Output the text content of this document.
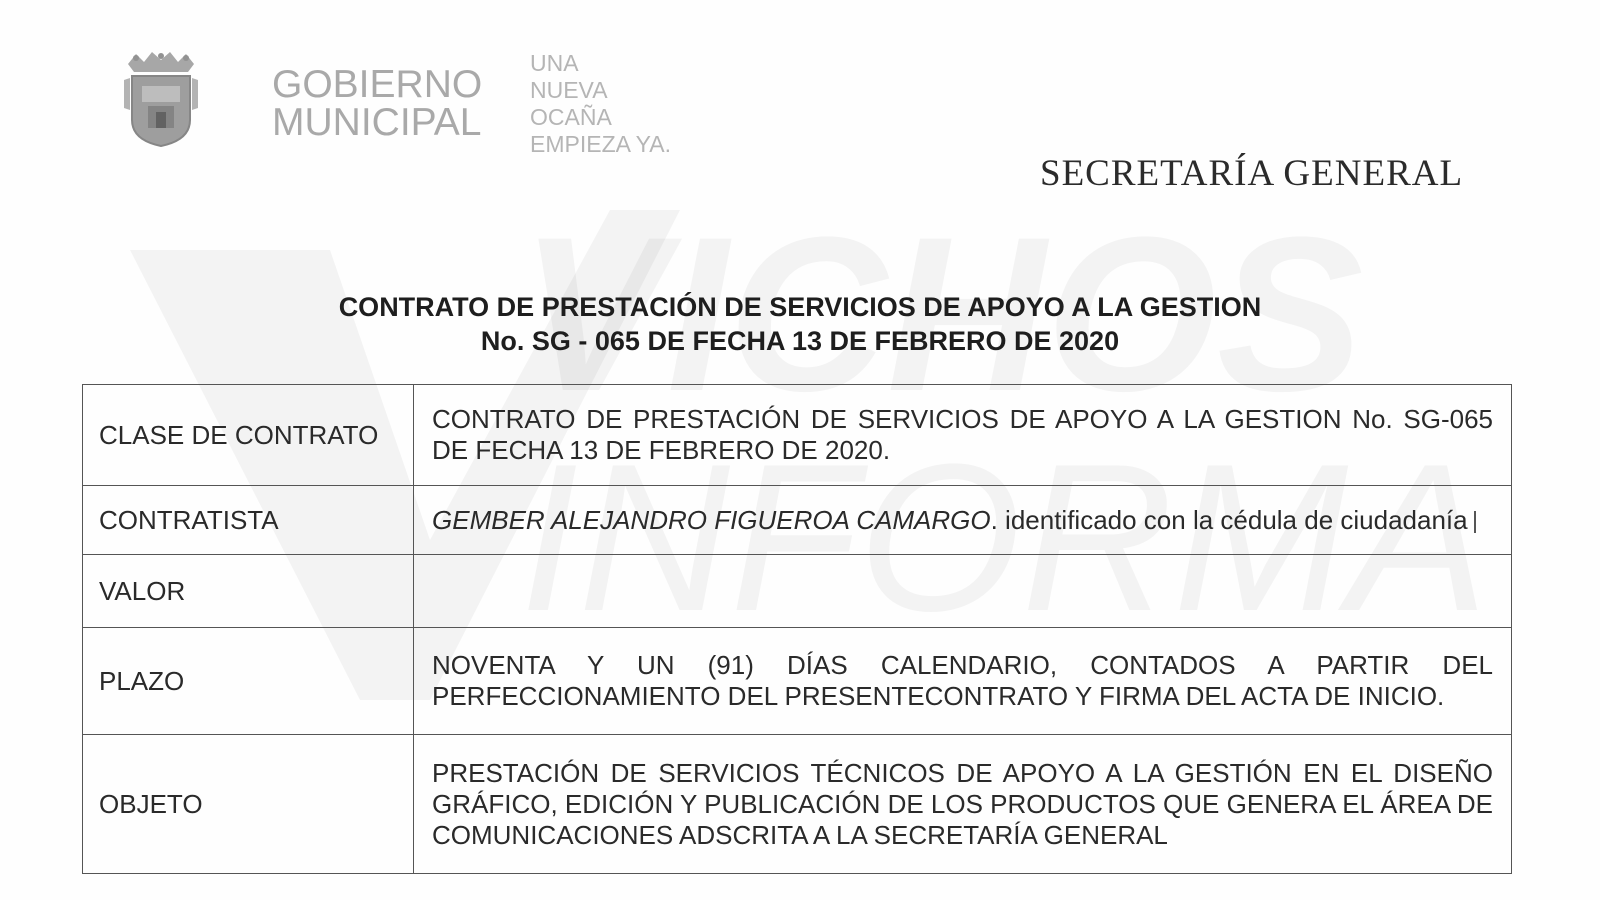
GOBIERNO
MUNICIPAL
UNA
NUEVA
OCAÑA
EMPIEZA YA.
SECRETARÍA GENERAL
CONTRATO DE PRESTACIÓN DE SERVICIOS DE APOYO A LA GESTION
No. SG - 065 DE FECHA 13 DE FEBRERO DE 2020
CLASE DE CONTRATO	CONTRATO DE PRESTACIÓN DE SERVICIOS DE APOYO A LA GESTION No. SG-065 DE FECHA 13 DE FEBRERO DE 2020.
CONTRATISTA	GEMBER ALEJANDRO FIGUEROA CAMARGO. identificado con la cédula de ciudadanía
VALOR	
PLAZO	NOVENTA Y UN (91) DÍAS CALENDARIO, CONTADOS A PARTIR DEL PERFECCIONAMIENTO DEL PRESENTECONTRATO Y FIRMA DEL ACTA DE INICIO.
OBJETO	PRESTACIÓN DE SERVICIOS TÉCNICOS DE APOYO A LA GESTIÓN EN EL DISEÑO GRÁFICO, EDICIÓN Y PUBLICACIÓN DE LOS PRODUCTOS QUE GENERA EL ÁREA DE COMUNICACIONES ADSCRITA A LA SECRETARÍA GENERAL
